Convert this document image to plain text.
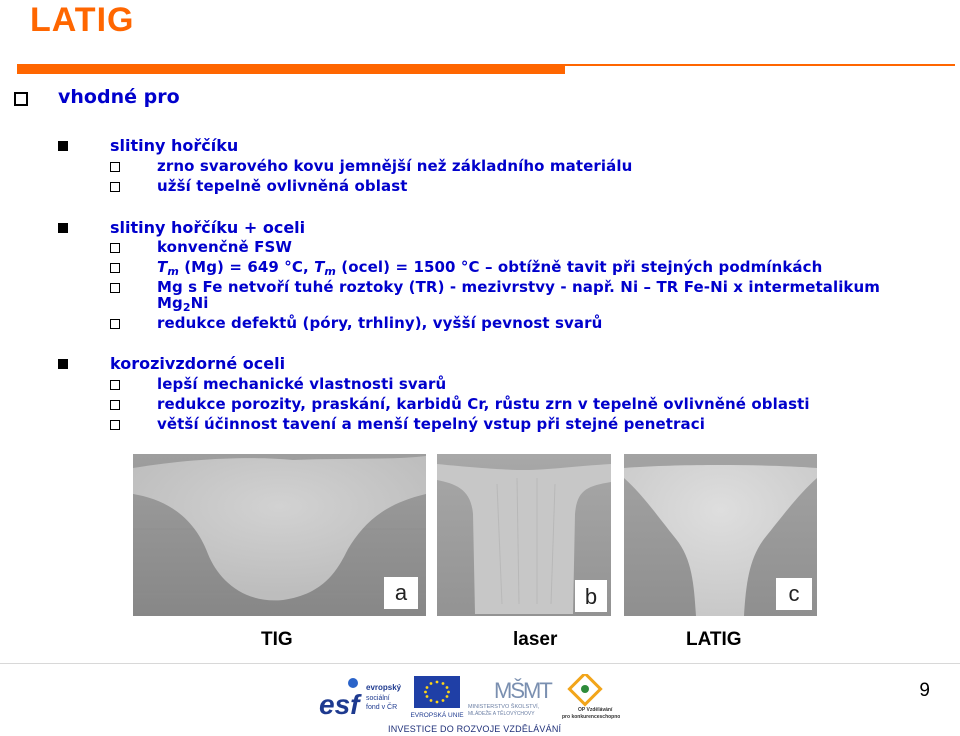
LATIG
vhodné pro
slitiny hořčíku
zrno svarového kovu jemnější než základního materiálu
užší tepelně ovlivněná oblast
slitiny hořčíku + oceli
konvenčně FSW
$T_m$ (Mg) = 649 °C, $T_m$ (ocel) = 1500 °C – obtížně tavit při stejných podmínkách
Mg s Fe netvoří tuhé roztoky (TR) - mezivrstvy - např. Ni – TR Fe-Ni x intermetalikum
$Mg_2Ni$
redukce defektů (póry, trhliny), vyšší pevnost svarů
korozivzdorné oceli
lepší mechanické vlastnosti svarů
redukce porozity, praskání, karbidů Cr, růstu zrn v tepelně ovlivněné oblasti
větší účinnost tavení a menší tepelný vstup při stejné penetraci
a	b	c
TIG	laser	LATIG
esf
evropský
sociální
fond v ČR
EVROPSKÁ UNIE
MŠMT
MINISTERSTVO ŠKOLSTVÍ,
MLÁDEŽE A TĚLOVÝCHOVY
OP Vzdělávání
pro konkurenceschopnost
INVESTICE DO ROZVOJE VZDĚLÁVÁNÍ
9
